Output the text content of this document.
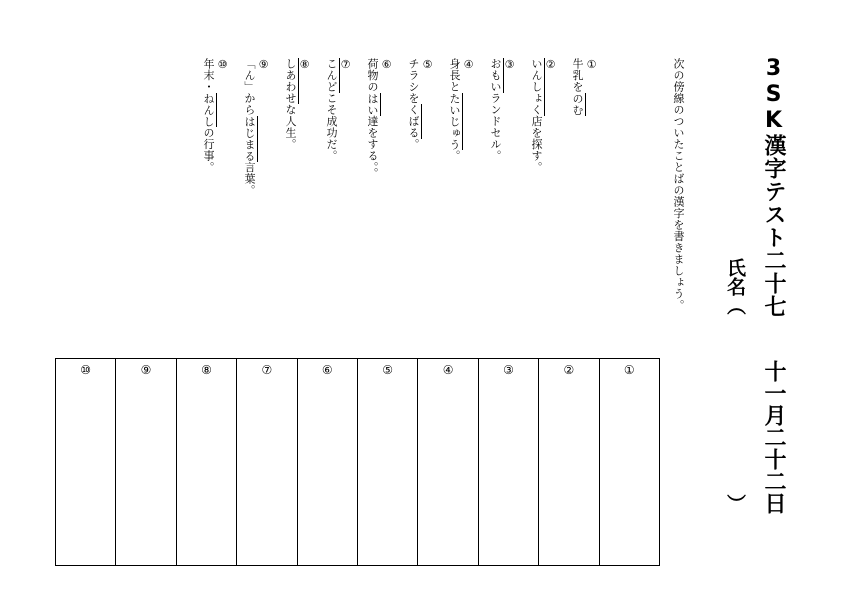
3SK漢字テスト二十七
氏名（
十一月二十二日
）
次の傍線のついたことばの漢字を書きましょう。
①
牛乳をのむ
②
いんしょく店を探す。
③
おもいランドセル。
④
身長とたいじゅう。
⑤
チラシをくばる。
⑥
荷物のはい達をする。。
⑦
こんどこそ成功だ。
⑧
しあわせな人生。
⑨
「ん」からはじまる言葉。
⑩
年末・ねんしの行事。
①
②
③
④
⑤
⑥
⑦
⑧
⑨
⑩
